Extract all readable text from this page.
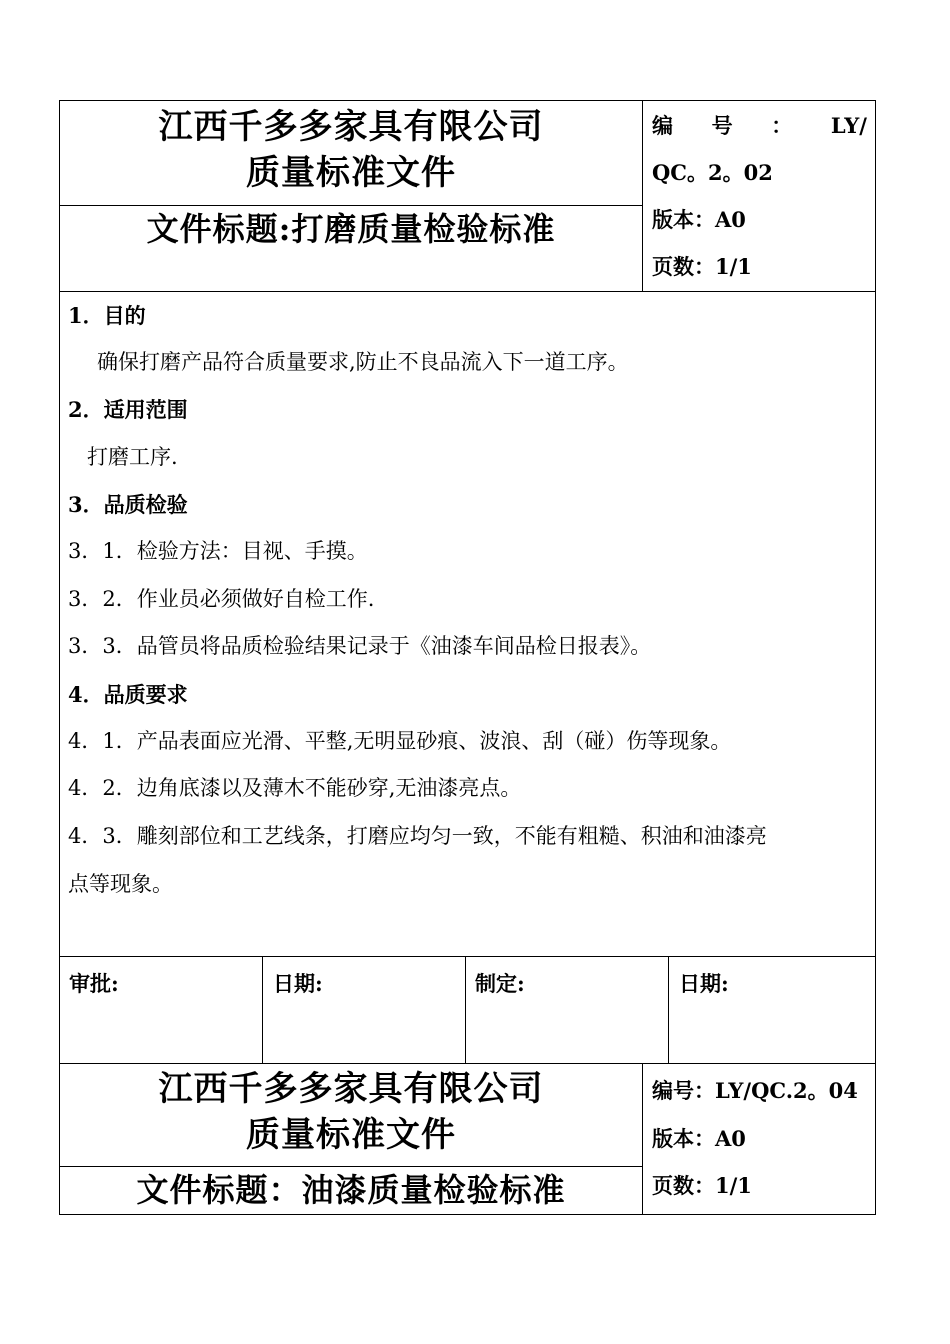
江西千多多家具有限公司
质量标准文件
文件标题:打磨质量检验标准
编 号 ： LY/
QC。2。02
版本：A0
页数：1/1
1．目的
确保打磨产品符合质量要求,防止不良品流入下一道工序。
2．适用范围
打磨工序.
3．品质检验
3．1．检验方法：目视、手摸。
3．2．作业员必须做好自检工作.
3．3．品管员将品质检验结果记录于《油漆车间品检日报表》。
4．品质要求
4．1．产品表面应光滑、平整,无明显砂痕、波浪、刮（碰）伤等现象。
4．2．边角底漆以及薄木不能砂穿,无油漆亮点。
4．3．雕刻部位和工艺线条，打磨应均匀一致，不能有粗糙、积油和油漆亮
点等现象。
审批:	日期:	制定:	日期:
江西千多多家具有限公司
质量标准文件
文件标题：油漆质量检验标准
编号：LY/QC.2。04
版本：A0
页数：1/1
